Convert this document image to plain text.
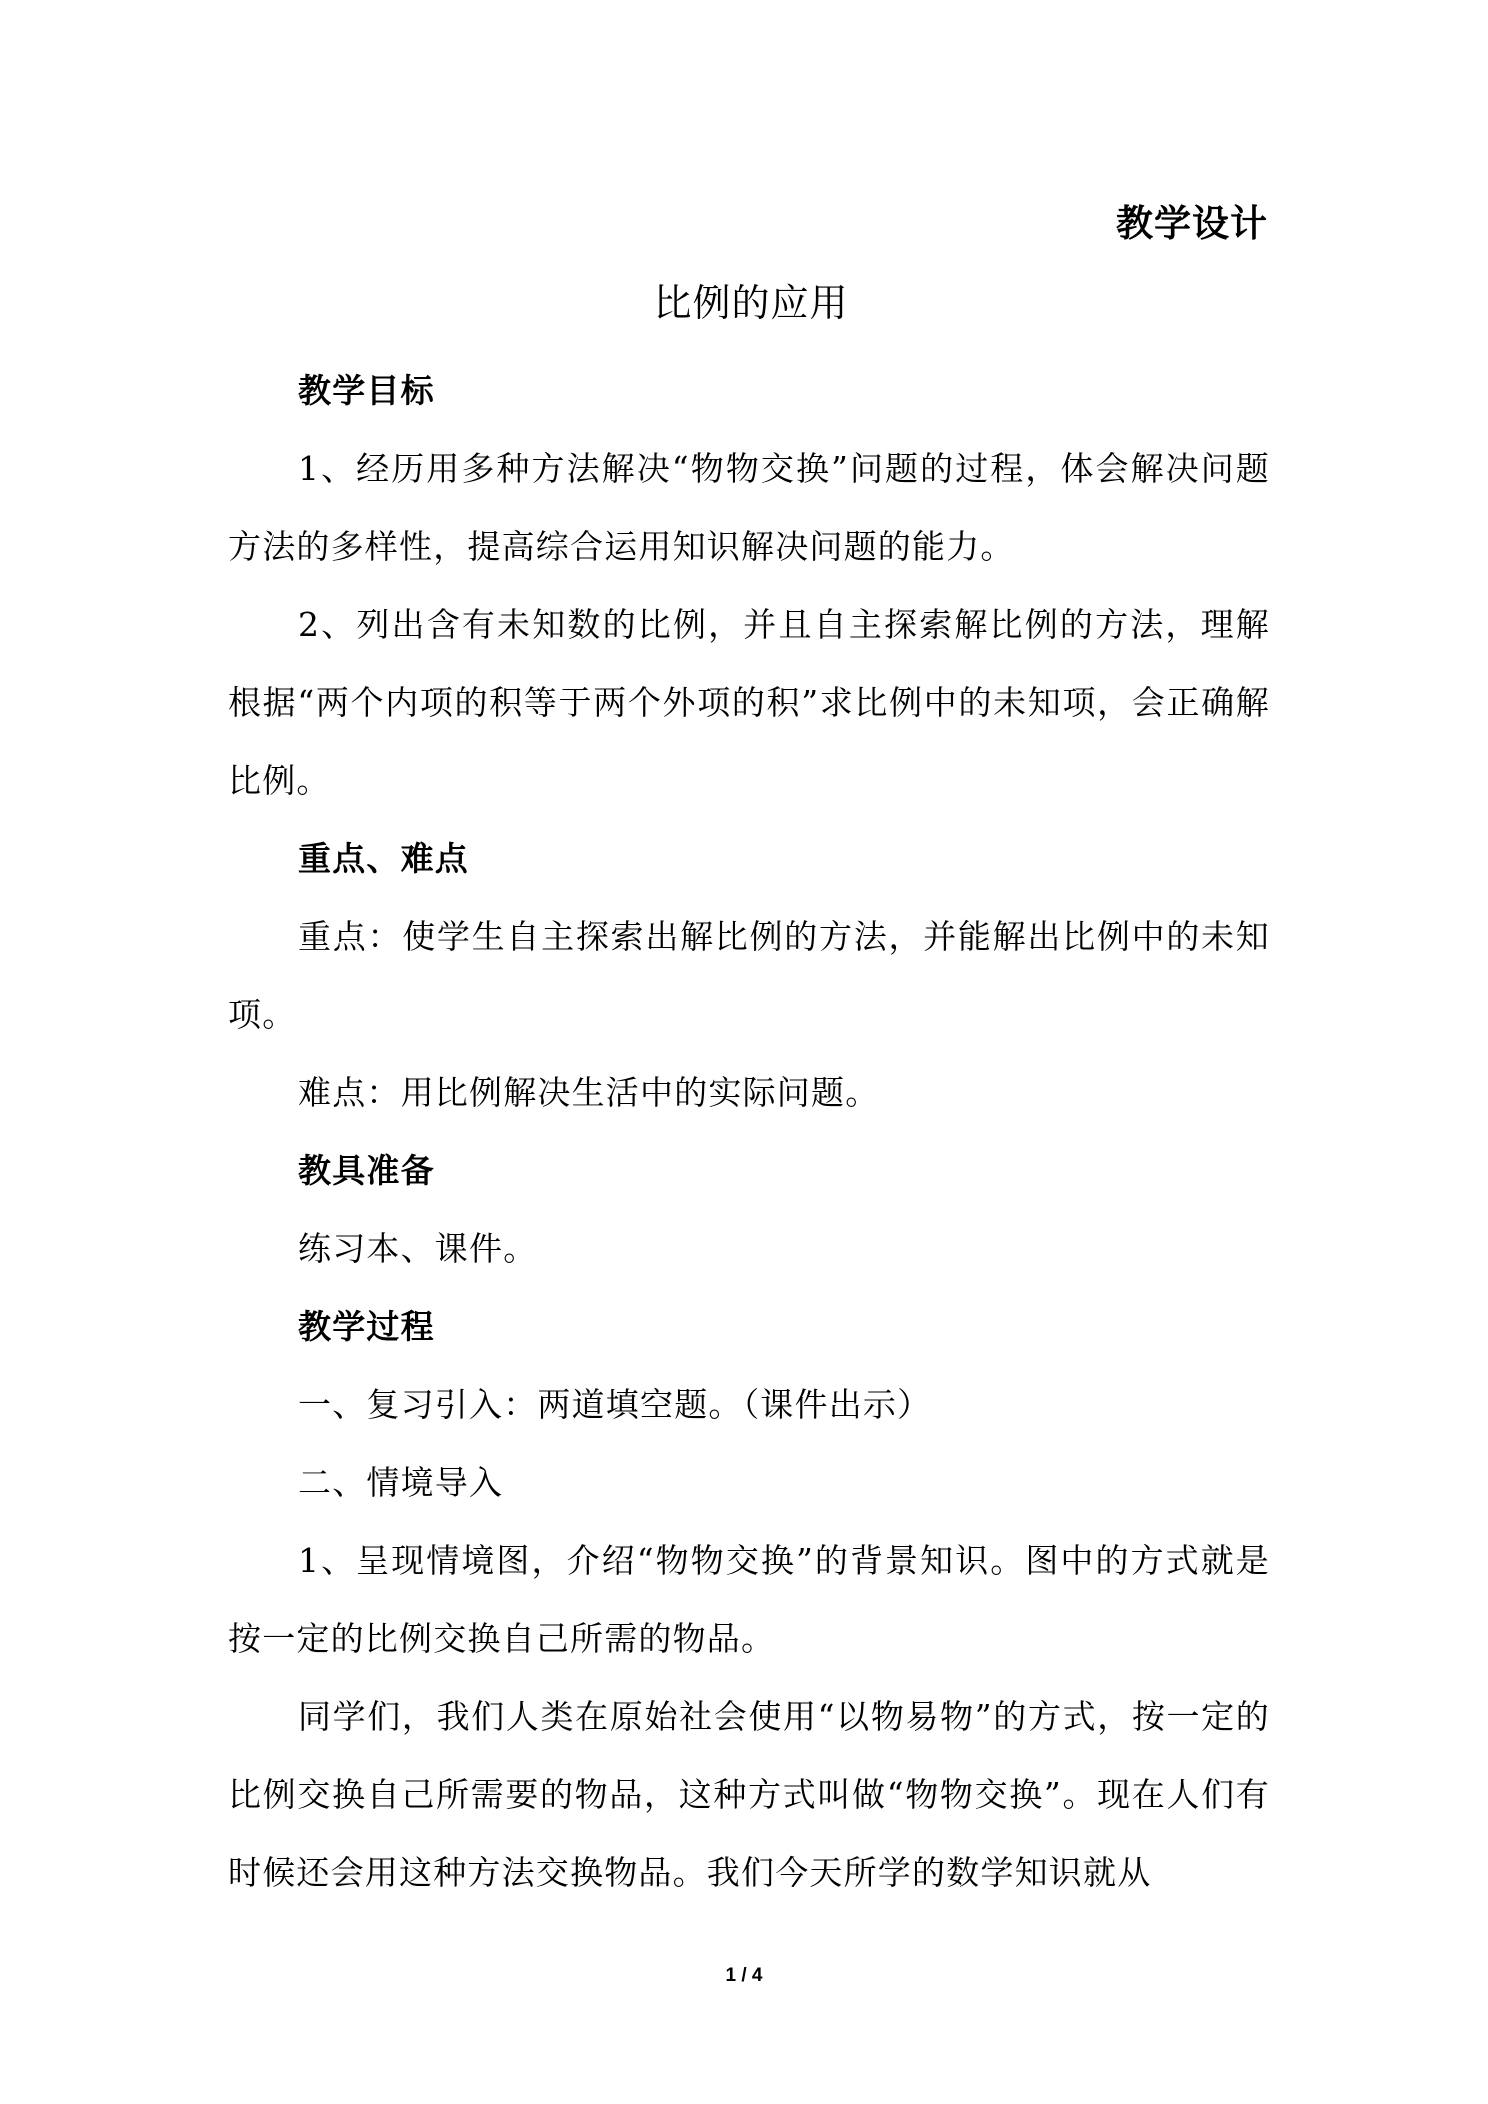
教学设计
比例的应用

教学目标

1、经历用多种方法解决“物物交换”问题的过程，体会解决问题方法的多样性，提高综合运用知识解决问题的能力。

2、列出含有未知数的比例，并且自主探索解比例的方法，理解根据“两个内项的积等于两个外项的积”求比例中的未知项，会正确解比例。

重点、难点

重点：使学生自主探索出解比例的方法，并能解出比例中的未知项。

难点：用比例解决生活中的实际问题。

教具准备

练习本、课件。

教学过程

一、复习引入：两道填空题。（课件出示）

二、情境导入

1、呈现情境图，介绍“物物交换”的背景知识。图中的方式就是按一定的比例交换自己所需的物品。

同学们，我们人类在原始社会使用“以物易物”的方式，按一定的比例交换自己所需要的物品，这种方式叫做“物物交换”。现在人们有时候还会用这种方法交换物品。我们今天所学的数学知识就从

1 / 4
